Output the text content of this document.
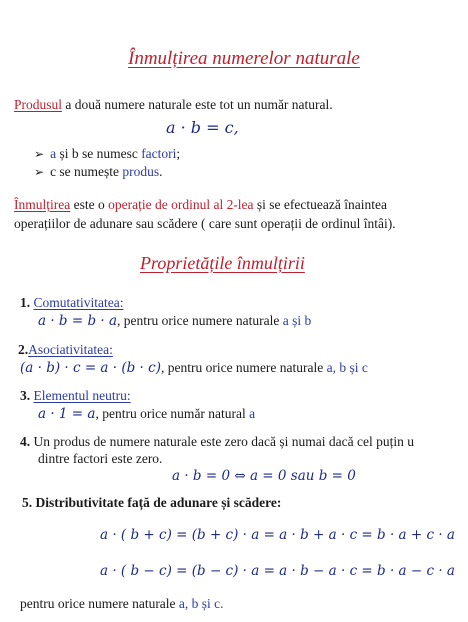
Înmulțirea numerelor naturale
Produsul a două numere naturale este tot un număr natural.
a · b = c,
➢ a și b se numesc factori;
➢ c se numește produs.
Înmulțirea este o operație de ordinul al 2-lea și se efectuează înaintea
operațiilor de adunare sau scădere ( care sunt operații de ordinul întâi).
Proprietățile înmulțirii
1. Comutativitatea:
a · b = b · a, pentru orice numere naturale a și b
2.Asociativitatea:
(a · b) · c = a · (b · c), pentru orice numere naturale a, b și c
3. Elementul neutru:
a · 1 = a, pentru orice număr natural a
4. Un produs de numere naturale este zero dacă și numai dacă cel puțin u
dintre factori este zero.
a · b = 0 ⇔ a = 0 sau b = 0
5. Distributivitate față de adunare și scădere:
a · ( b + c) = (b + c) · a = a · b + a · c = b · a + c · a
a · ( b − c) = (b − c) · a = a · b − a · c = b · a − c · a
pentru orice numere naturale a, b și c.
